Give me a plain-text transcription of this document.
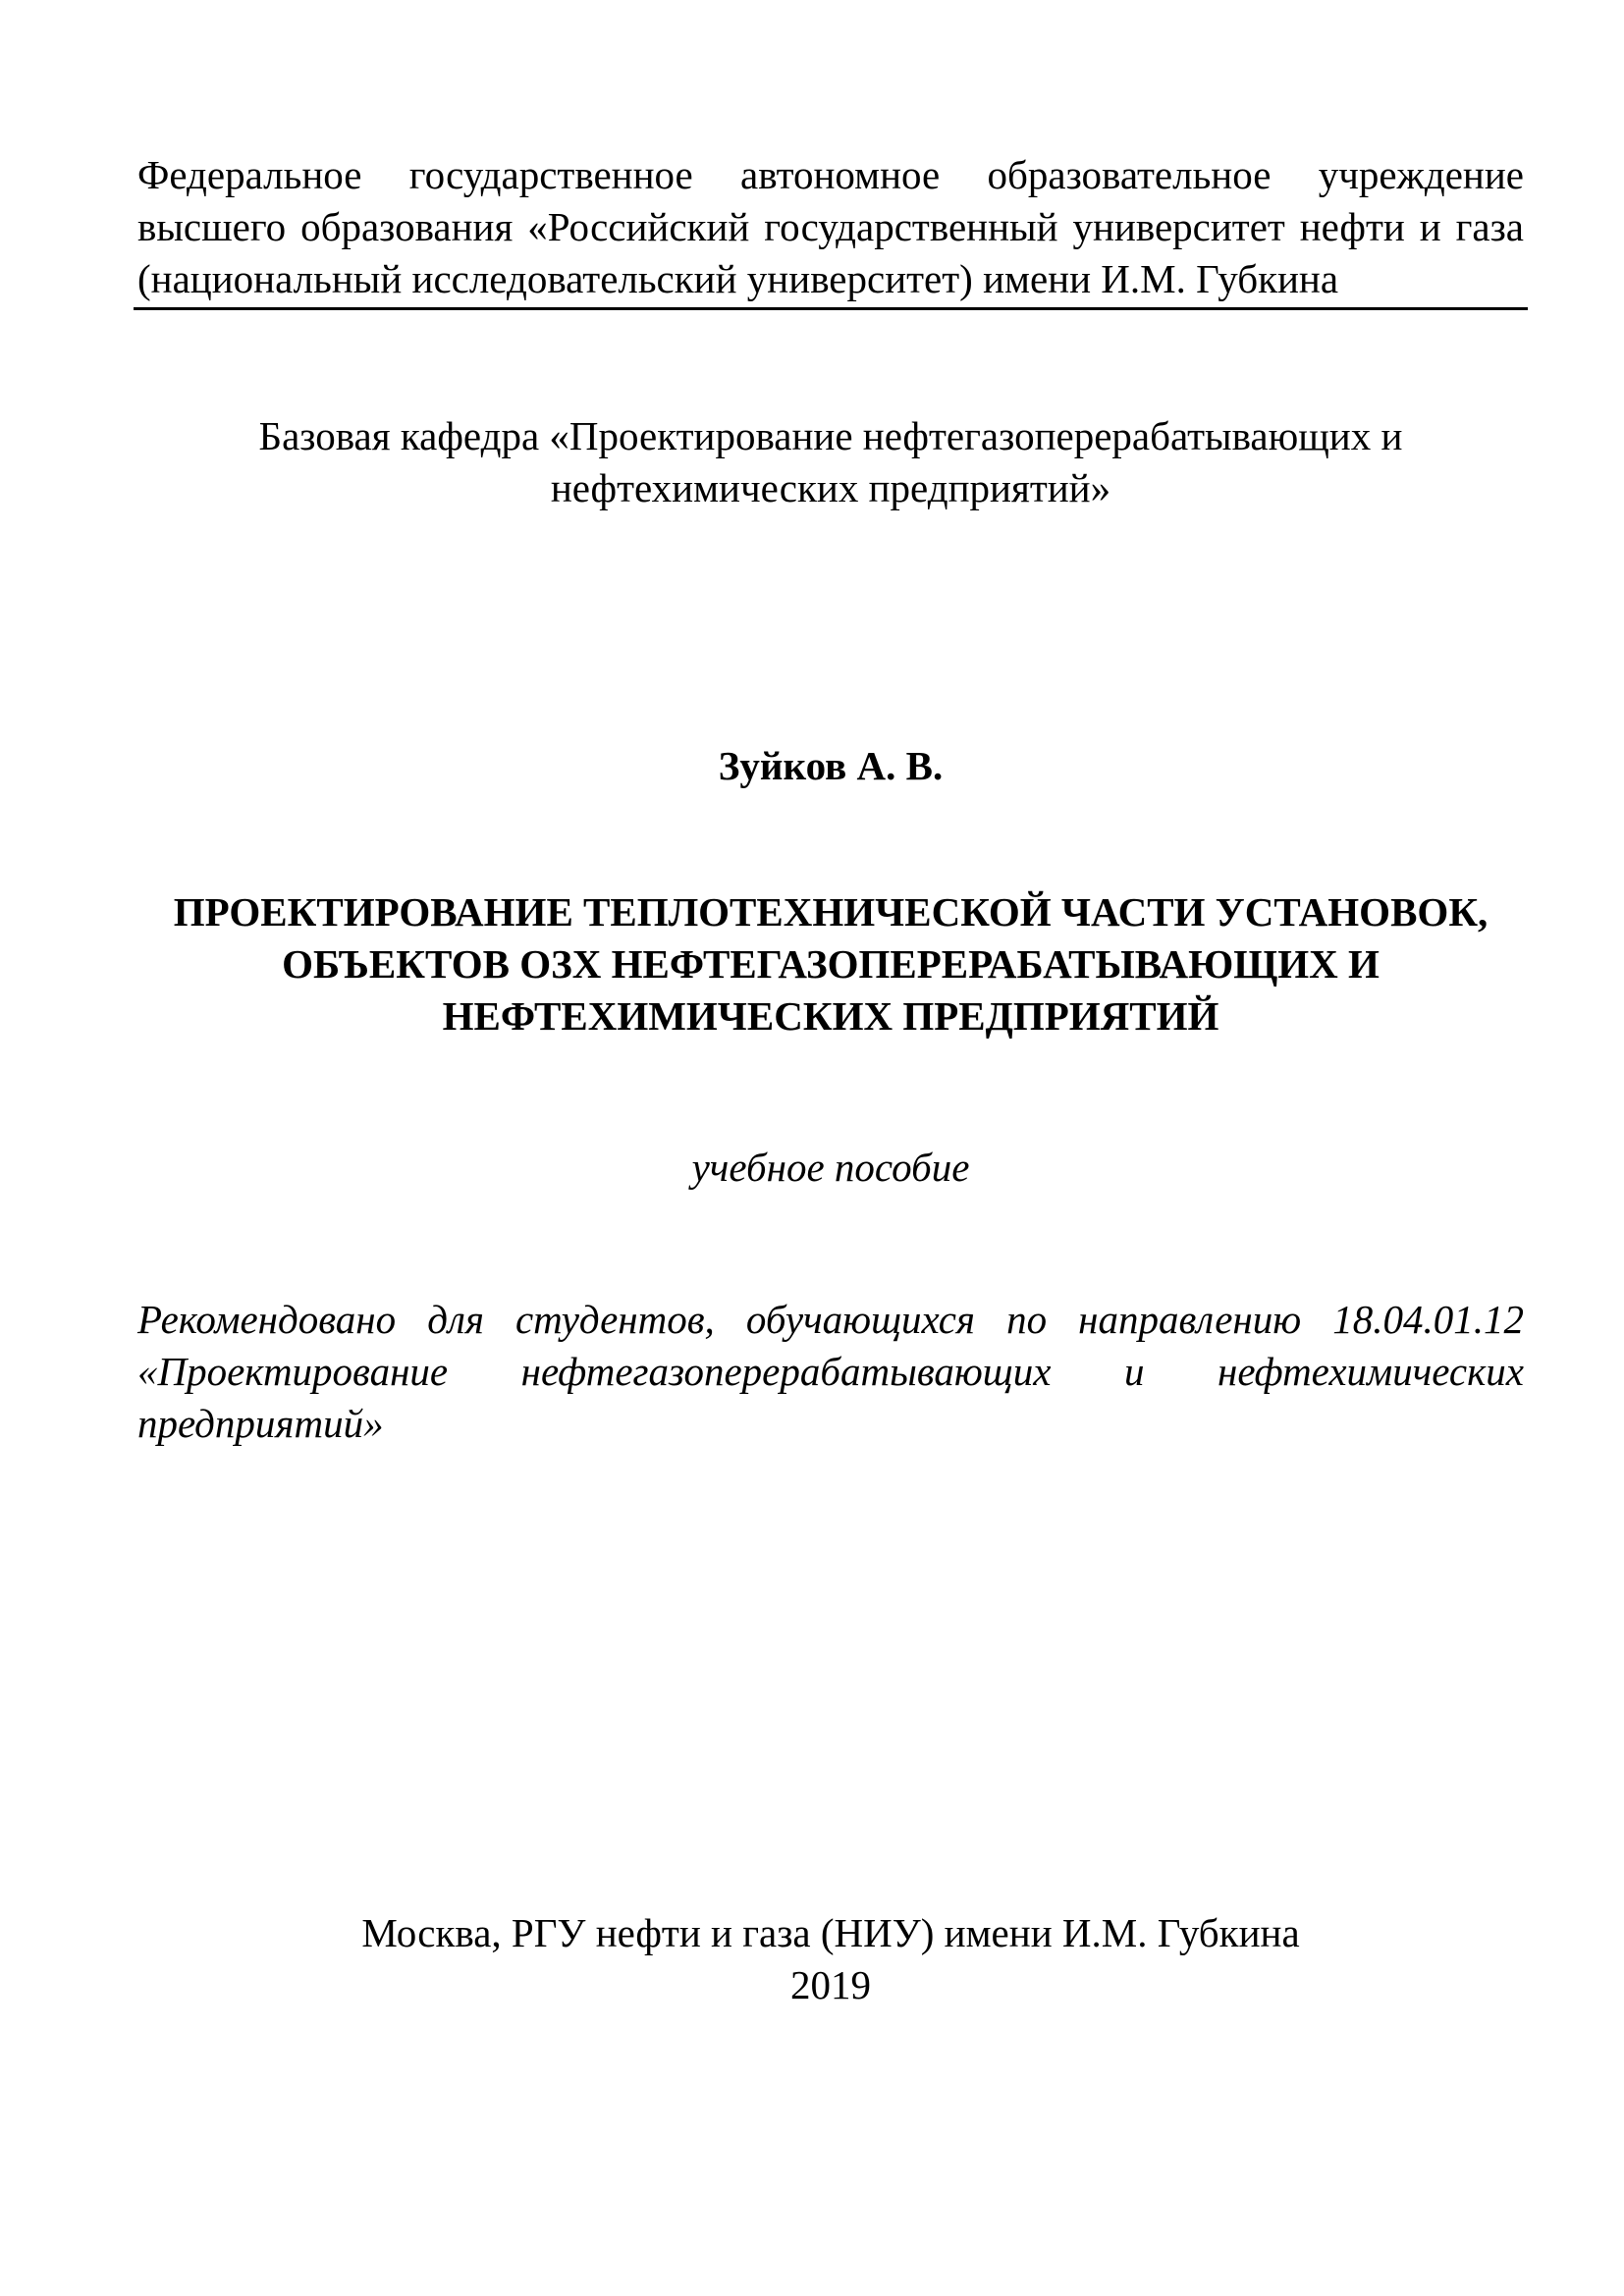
Федеральное государственное автономное образовательное учреждение высшего образования «Российский государственный университет нефти и газа (национальный исследовательский университет) имени И.М. Губкина
Базовая кафедра «Проектирование нефтегазоперерабатывающих и
нефтехимических предприятий»
Зуйков А. В.
ПРОЕКТИРОВАНИЕ ТЕПЛОТЕХНИЧЕСКОЙ ЧАСТИ УСТАНОВОК,
ОБЪЕКТОВ ОЗХ НЕФТЕГАЗОПЕРЕРАБАТЫВАЮЩИХ И
НЕФТЕХИМИЧЕСКИХ ПРЕДПРИЯТИЙ
учебное пособие
Рекомендовано для студентов, обучающихся по направлению 18.04.01.12 «Проектирование нефтегазоперерабатывающих и нефтехимических предприятий»
Москва, РГУ нефти и газа (НИУ) имени И.М. Губкина
2019
